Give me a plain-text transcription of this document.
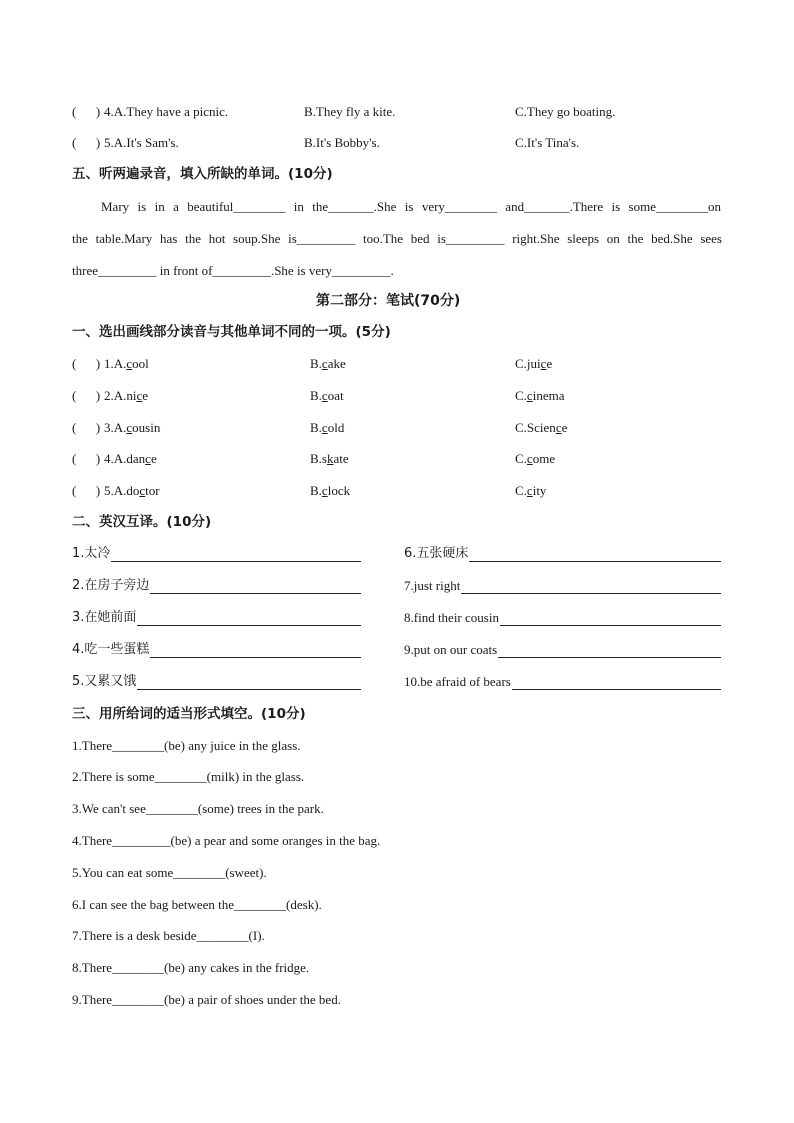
(      ) 4.A.They have a picnic.	B.They fly a kite.	C.They go boating.
(      ) 5.A.It's Sam's.	B.It's Bobby's.	C.It's Tina's.
五、听两遍录音，填入所缺的单词。(10分)
Mary is in a beautiful________ in the_______.She is very________ and_______.There is some________on
the table.Mary has the hot soup.She is_________ too.The bed is_________ right.She sleeps on the bed.She sees
three_________ in front of_________.She is very_________.
第二部分：笔试(70分)
一、选出画线部分读音与其他单词不同的一项。(5分)
(      ) 1.A.cool	B.cake	C.juice
(      ) 2.A.nice	B.coat	C.cinema
(      ) 3.A.cousin	B.cold	C.Science
(      ) 4.A.dance	B.skate	C.come
(      ) 5.A.doctor	B.clock	C.city
二、英汉互译。(10分)
1.太冷
2.在房子旁边
3.在她前面
4.吃一些蛋糕
5.又累又饿
6.五张硬床
7.just right
8.find their cousin
9.put on our coats
10.be afraid of bears
三、用所给词的适当形式填空。(10分)
1.There________(be) any juice in the glass.
2.There is some________(milk) in the glass.
3.We can't see________(some) trees in the park.
4.There_________(be) a pear and some oranges in the bag.
5.You can eat some________(sweet).
6.I can see the bag between the________(desk).
7.There is a desk beside________(I).
8.There________(be) any cakes in the fridge.
9.There________(be) a pair of shoes under the bed.
